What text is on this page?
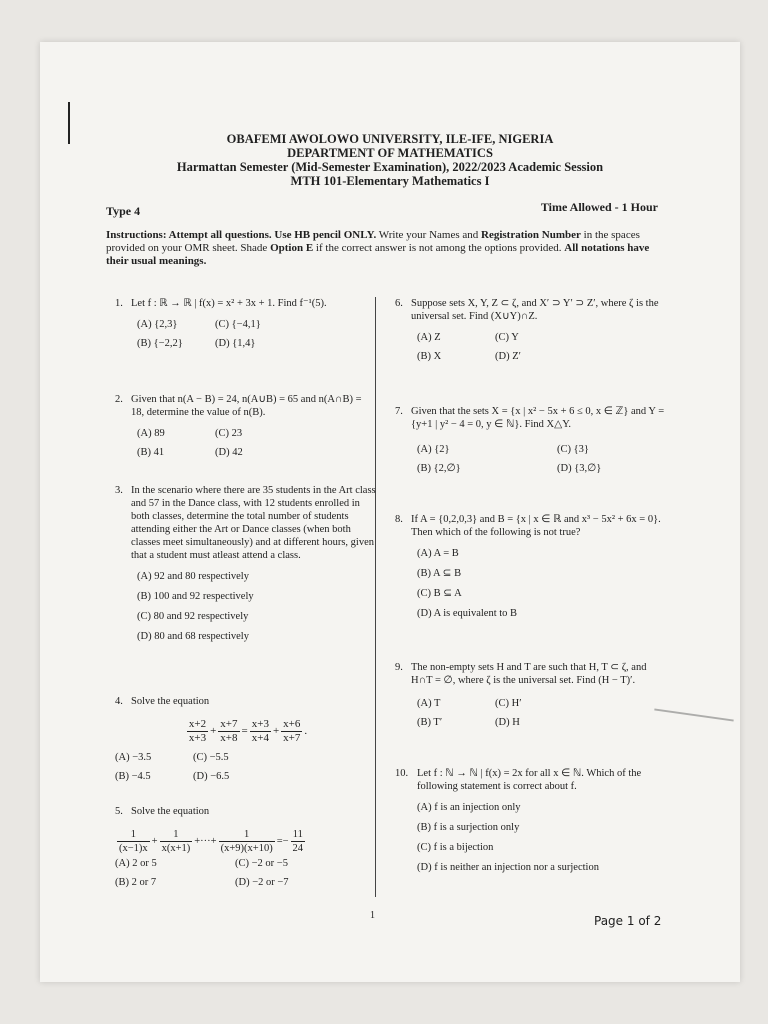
OBAFEMI AWOLOWO UNIVERSITY, ILE-IFE, NIGERIA
DEPARTMENT OF MATHEMATICS
Harmattan Semester (Mid-Semester Examination), 2022/2023 Academic Session
MTH 101-Elementary Mathematics I
Type 4	Time Allowed - 1 Hour
Instructions: Attempt all questions. Use HB pencil ONLY. Write your Names and Registration Number in the spaces provided on your OMR sheet. Shade Option E if the correct answer is not among the options provided. All notations have their usual meanings.
1. Let f : ℝ → ℝ | f(x) = x² + 3x + 1. Find f⁻¹(5).
(A) {2,3}	(C) {−4,1}
(B) {−2,2}	(D) {1,4}
2. Given that n(A − B) = 24, n(A∪B) = 65 and n(A∩B) = 18, determine the value of n(B).
(A) 89	(C) 23
(B) 41	(D) 42
3. In the scenario where there are 35 students in the Art class and 57 in the Dance class, with 12 students enrolled in both classes, determine the total number of students attending either the Art or Dance classes (when both classes meet simultaneously) and at different hours, given that a student must atleast attend a class.
(A) 92 and 80 respectively
(B) 100 and 92 respectively
(C) 80 and 92 respectively
(D) 80 and 68 respectively
4. Solve the equation
$\frac{x+2}{x+3} + \frac{x+7}{x+8} = \frac{x+3}{x+4} + \frac{x+6}{x+7}$ .
(A) −3.5	(C) −5.5
(B) −4.5	(D) −6.5
5. Solve the equation
$\frac{1}{(x-1)x} + \frac{1}{x(x+1)}$ +···+ $\frac{1}{(x+9)(x+10)} =- \frac{11}{24}$
(A) 2 or 5	(C) −2 or −5
(B) 2 or 7	(D) −2 or −7
6. Suppose sets X, Y, Z ⊂ ζ, and X′ ⊃ Y′ ⊃ Z′, where ζ is the universal set. Find (X∪Y)∩Z.
(A) Z	(C) Y
(B) X	(D) Z′
7. Given that the sets X = {x | x² − 5x + 6 ≤ 0, x ∈ ℤ} and Y = {y+1 | y² − 4 = 0, y ∈ ℕ}. Find X△Y.
(A) {2}	(C) {3}
(B) {2,∅}	(D) {3,∅}
8. If A = {0,2,0,3} and B = {x | x ∈ ℝ and x³ − 5x² + 6x = 0}. Then which of the following is not true?
(A) A = B
(B) A ⊆ B
(C) B ⊆ A
(D) A is equivalent to B
9. The non-empty sets H and T are such that H, T ⊂ ζ, and H∩T = ∅, where ζ is the universal set. Find (H − T)′.
(A) T	(C) H′
(B) T′	(D) H
10. Let f : ℕ → ℕ | f(x) = 2x for all x ∈ ℕ. Which of the following statement is correct about f.
(A) f is an injection only
(B) f is a surjection only
(C) f is a bijection
(D) f is neither an injection nor a surjection
1	Page 1 of 2
